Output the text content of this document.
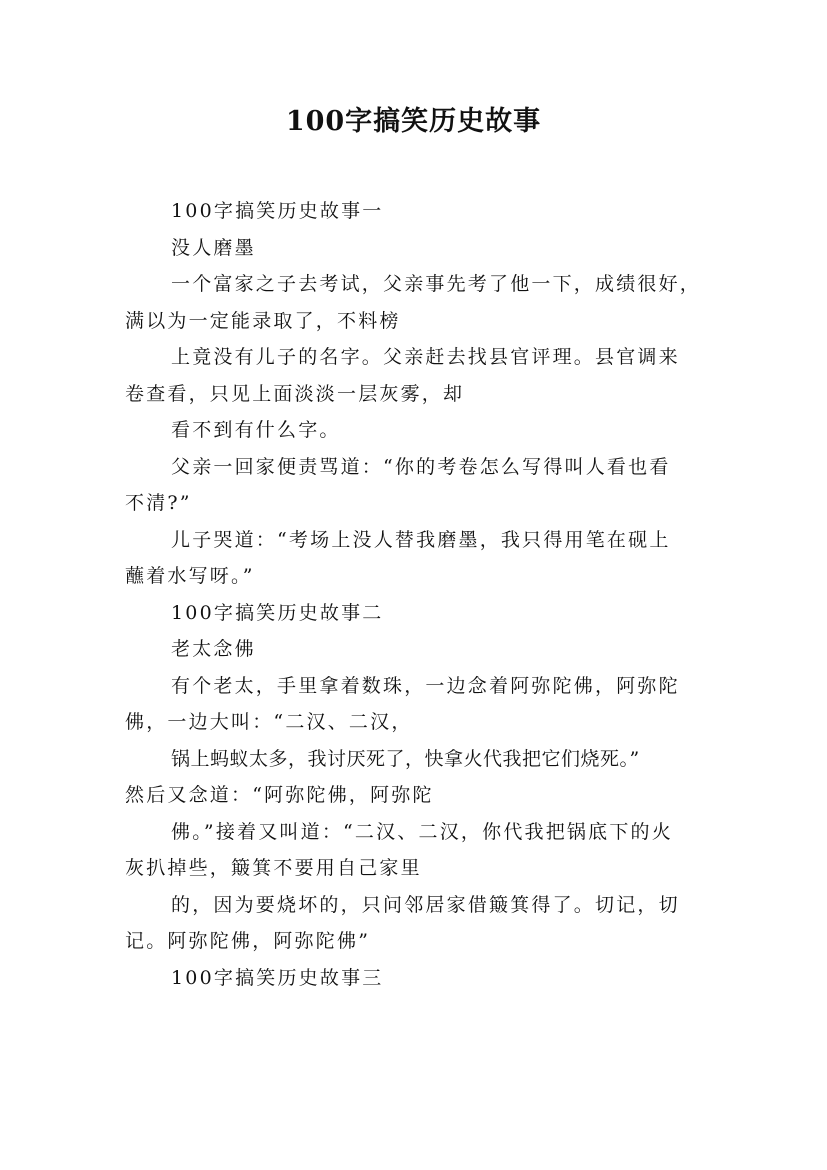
100字搞笑历史故事
100字搞笑历史故事一
没人磨墨
一个富家之子去考试，父亲事先考了他一下，成绩很好，
满以为一定能录取了，不料榜
上竟没有儿子的名字。父亲赶去找县官评理。县官调来
卷查看，只见上面淡淡一层灰雾，却
看不到有什么字。
父亲一回家便责骂道：“你的考卷怎么写得叫人看也看
不清?”
儿子哭道：“考场上没人替我磨墨，我只得用笔在砚上
蘸着水写呀。”
100字搞笑历史故事二
老太念佛
有个老太，手里拿着数珠，一边念着阿弥陀佛，阿弥陀
佛，一边大叫：“二汉、二汉，
锅上蚂蚁太多，我讨厌死了，快拿火代我把它们烧死。”
然后又念道：“阿弥陀佛，阿弥陀
佛。”接着又叫道：“二汉、二汉，你代我把锅底下的火
灰扒掉些，簸箕不要用自己家里
的，因为要烧坏的，只问邻居家借簸箕得了。切记，切
记。阿弥陀佛，阿弥陀佛”
100字搞笑历史故事三
